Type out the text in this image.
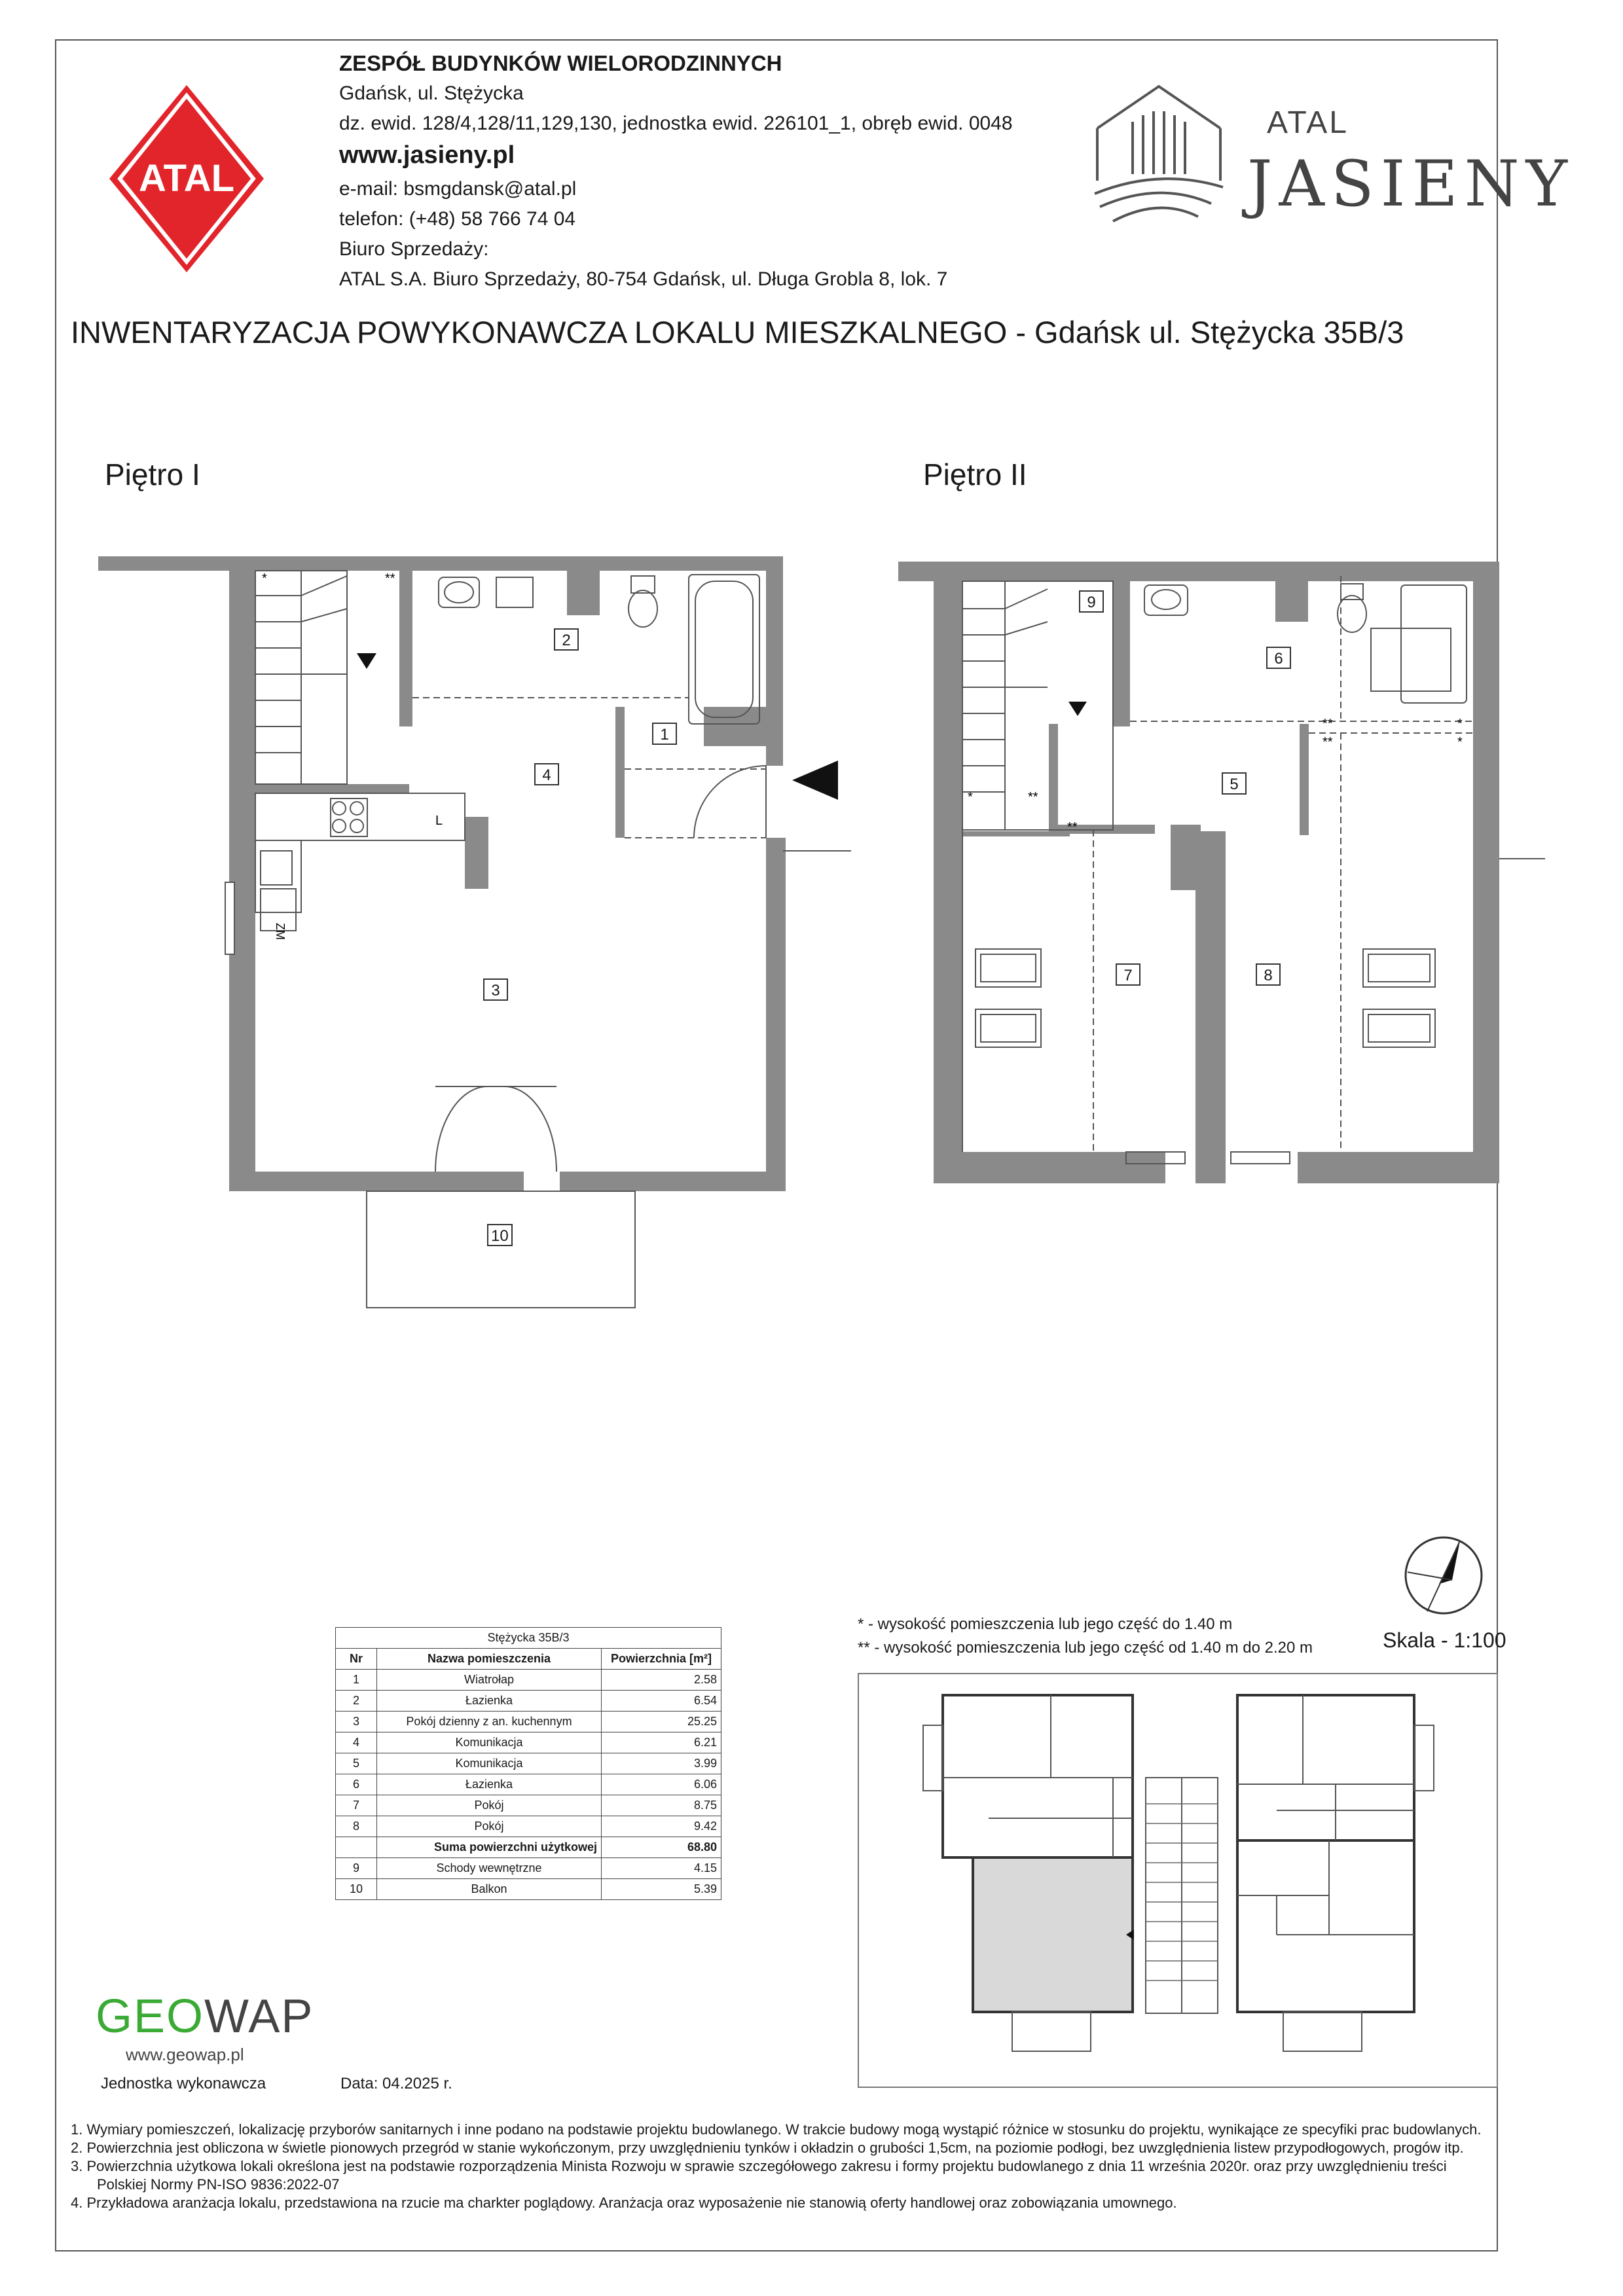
ATAL
ZESPÓŁ BUDYNKÓW WIELORODZINNYCH
Gdańsk, ul. Stężycka
dz. ewid. 128/4,128/11,129,130, jednostka ewid. 226101_1, obręb ewid. 0048
www.jasieny.pl
e-mail: bsmgdansk@atal.pl
telefon: (+48) 58 766 74 04
Biuro Sprzedaży:
ATAL S.A. Biuro Sprzedaży, 80-754 Gdańsk, ul. Długa Grobla 8, lok. 7
ATAL
JASIENY
INWENTARYZACJA POWYKONAWCZA LOKALU MIESZKALNEGO - Gdańsk ul. Stężycka 35B/3
Piętro I	Piętro II
*	**
L
ZM
2
1
4
3
10
*	**
**
**
**
*
*
9
6
5
7	8
Stężycka 35B/3		
Nr	Nazwa pomieszczenia	Powierzchnia [m²]
1	Wiatrołap	2.58
2	Łazienka	6.54
3	Pokój dzienny z an. kuchennym	25.25
4	Komunikacja	6.21
5	Komunikacja	3.99
6	Łazienka	6.06
7	Pokój	8.75
8	Pokój	9.42
	Suma powierzchni użytkowej	68.80
9	Schody wewnętrzne	4.15
10	Balkon	5.39
* - wysokość pomieszczenia lub jego część do 1.40 m
** - wysokość pomieszczenia lub jego część od 1.40 m do 2.20 m	Skala - 1:100
GEOWAP
www.geowap.pl
Jednostka wykonawcza	Data: 04.2025 r.
1. Wymiary pomieszczeń, lokalizację przyborów sanitarnych i inne podano na podstawie projektu budowlanego. W trakcie budowy mogą wystąpić różnice w stosunku do projektu, wynikające ze specyfiki prac budowlanych.
2. Powierzchnia jest obliczona w świetle pionowych przegród w stanie wykończonym, przy uwzględnieniu tynków i okładzin o grubości 1,5cm, na poziomie podłogi, bez uwzględnienia listew przypodłogowych, progów itp.
3. Powierzchnia użytkowa lokali określona jest na podstawie rozporządzenia Minista Rozwoju w sprawie szczegółowego zakresu i formy projektu budowlanego z dnia 11 września 2020r. oraz przy uwzględnieniu treści Polskiej Normy PN-ISO 9836:2022-07
4. Przykładowa aranżacja lokalu, przedstawiona na rzucie ma charkter poglądowy. Aranżacja oraz wyposażenie nie stanowią oferty handlowej oraz zobowiązania umownego.
